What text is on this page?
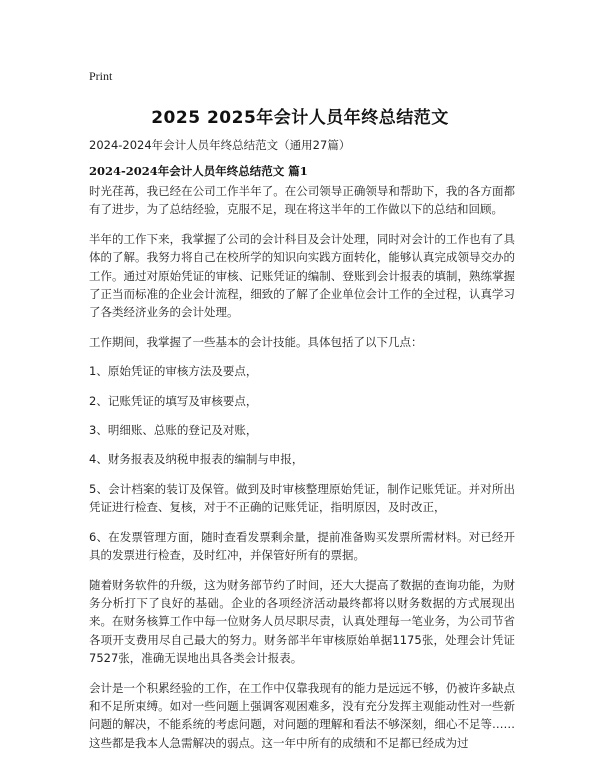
Print
2025 2025年会计人员年终总结范文
2024-2024年会计人员年终总结范文（通用27篇）
2024-2024年会计人员年终总结范文 篇1

时光荏苒，我已经在公司工作半年了。在公司领导正确领导和帮助下，我的各方面都有了进步，为了总结经验，克服不足，现在将这半年的工作做以下的总结和回顾。

半年的工作下来，我掌握了公司的会计科目及会计处理，同时对会计的工作也有了具体的了解。我努力将自己在校所学的知识向实践方面转化，能够认真完成领导交办的工作。通过对原始凭证的审核、记账凭证的编制、登账到会计报表的填制，熟练掌握了正当而标准的企业会计流程，细致的了解了企业单位会计工作的全过程，认真学习了各类经济业务的会计处理。

工作期间，我掌握了一些基本的会计技能。具体包括了以下几点：

1、原始凭证的审核方法及要点，

2、记账凭证的填写及审核要点，

3、明细账、总账的登记及对账，

4、财务报表及纳税申报表的编制与申报，

5、会计档案的装订及保管。做到及时审核整理原始凭证，制作记账凭证。并对所出凭证进行检查、复核，对于不正确的记账凭证，指明原因，及时改正，

6、在发票管理方面，随时查看发票剩余量，提前准备购买发票所需材料。对已经开具的发票进行检查，及时红冲，并保管好所有的票据。

随着财务软件的升级，这为财务部节约了时间，还大大提高了数据的查询功能，为财务分析打下了良好的基础。企业的各项经济活动最终都将以财务数据的方式展现出来。在财务核算工作中每一位财务人员尽职尽责，认真处理每一笔业务，为公司节省各项开支费用尽自己最大的努力。财务部半年审核原始单据1175张，处理会计凭证7527张，准确无误地出具各类会计报表。

会计是一个积累经验的工作，在工作中仅靠我现有的能力是远远不够，仍被许多缺点和不足所束缚。如对一些问题上强调客观困难多，没有充分发挥主观能动性对一些新问题的解决，不能系统的考虑问题，对问题的理解和看法不够深刻，细心不足等……这些都是我本人急需解决的弱点。这一年中所有的成绩和不足都已经成为过
